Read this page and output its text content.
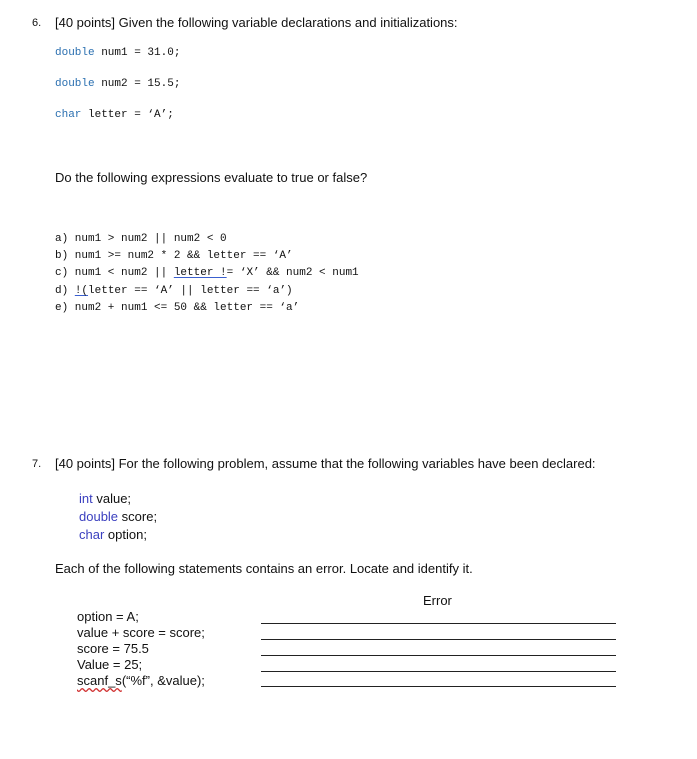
6. [40 points] Given the following variable declarations and initializations:
double num1 = 31.0;
double num2 = 15.5;
char letter = ‘A’;
Do the following expressions evaluate to true or false?
a) num1 > num2 || num2 < 0
b) num1 >= num2 * 2 && letter == ‘A’
c) num1 < num2 || letter != ‘X’ && num2 < num1
d) !(letter == ‘A’ || letter == ‘a’)
e) num2 + num1 <= 50 && letter == ‘a’
7. [40 points] For the following problem, assume that the following variables have been declared:
int value;
double score;
char option;
Each of the following statements contains an error. Locate and identify it.
Error
option = A;
value + score = score;
score = 75.5
Value = 25;
scanf_s(“%f”, &value);
